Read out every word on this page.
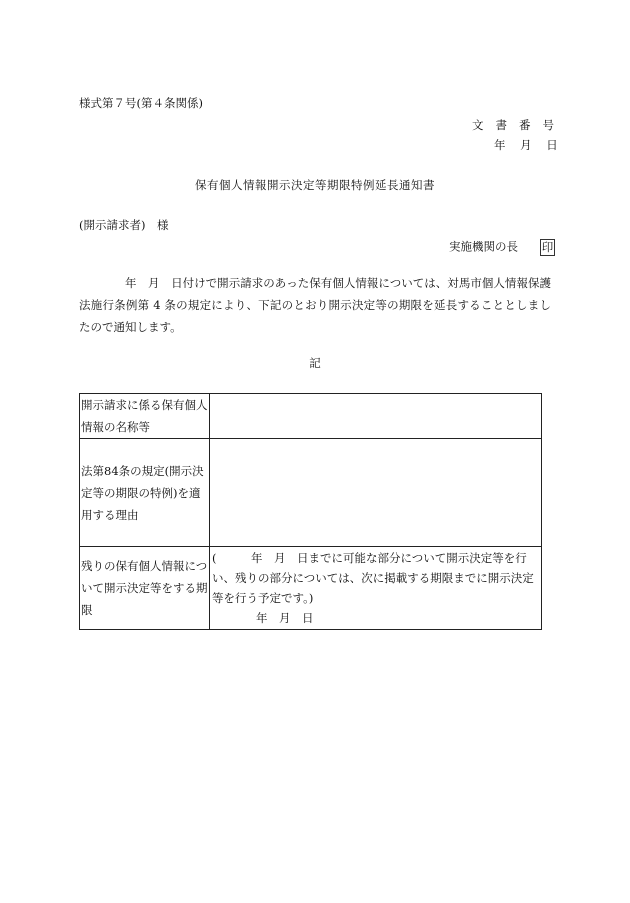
様式第７号(第４条関係)
文書番号
年 月 日
保有個人情報開示決定等期限特例延長通知書
(開示請求者)　様
実施機関の長 印
年　月　日付けで開示請求のあった保有個人情報については、対馬市個人情報保護法施行条例第 4 条の規定により、下記のとおり開示決定等の期限を延長することとしましたので通知します。
記
開示請求に係る保有個人情報の名称等	
法第84条の規定(開示決定等の期限の特例)を適用する理由	
残りの保有個人情報について開示決定等をする期限	(　　　年　月　日までに可能な部分について開示決定等を行い、残りの部分については、次に掲載する期限までに開示決定等を行う予定です。)
年　月　日
